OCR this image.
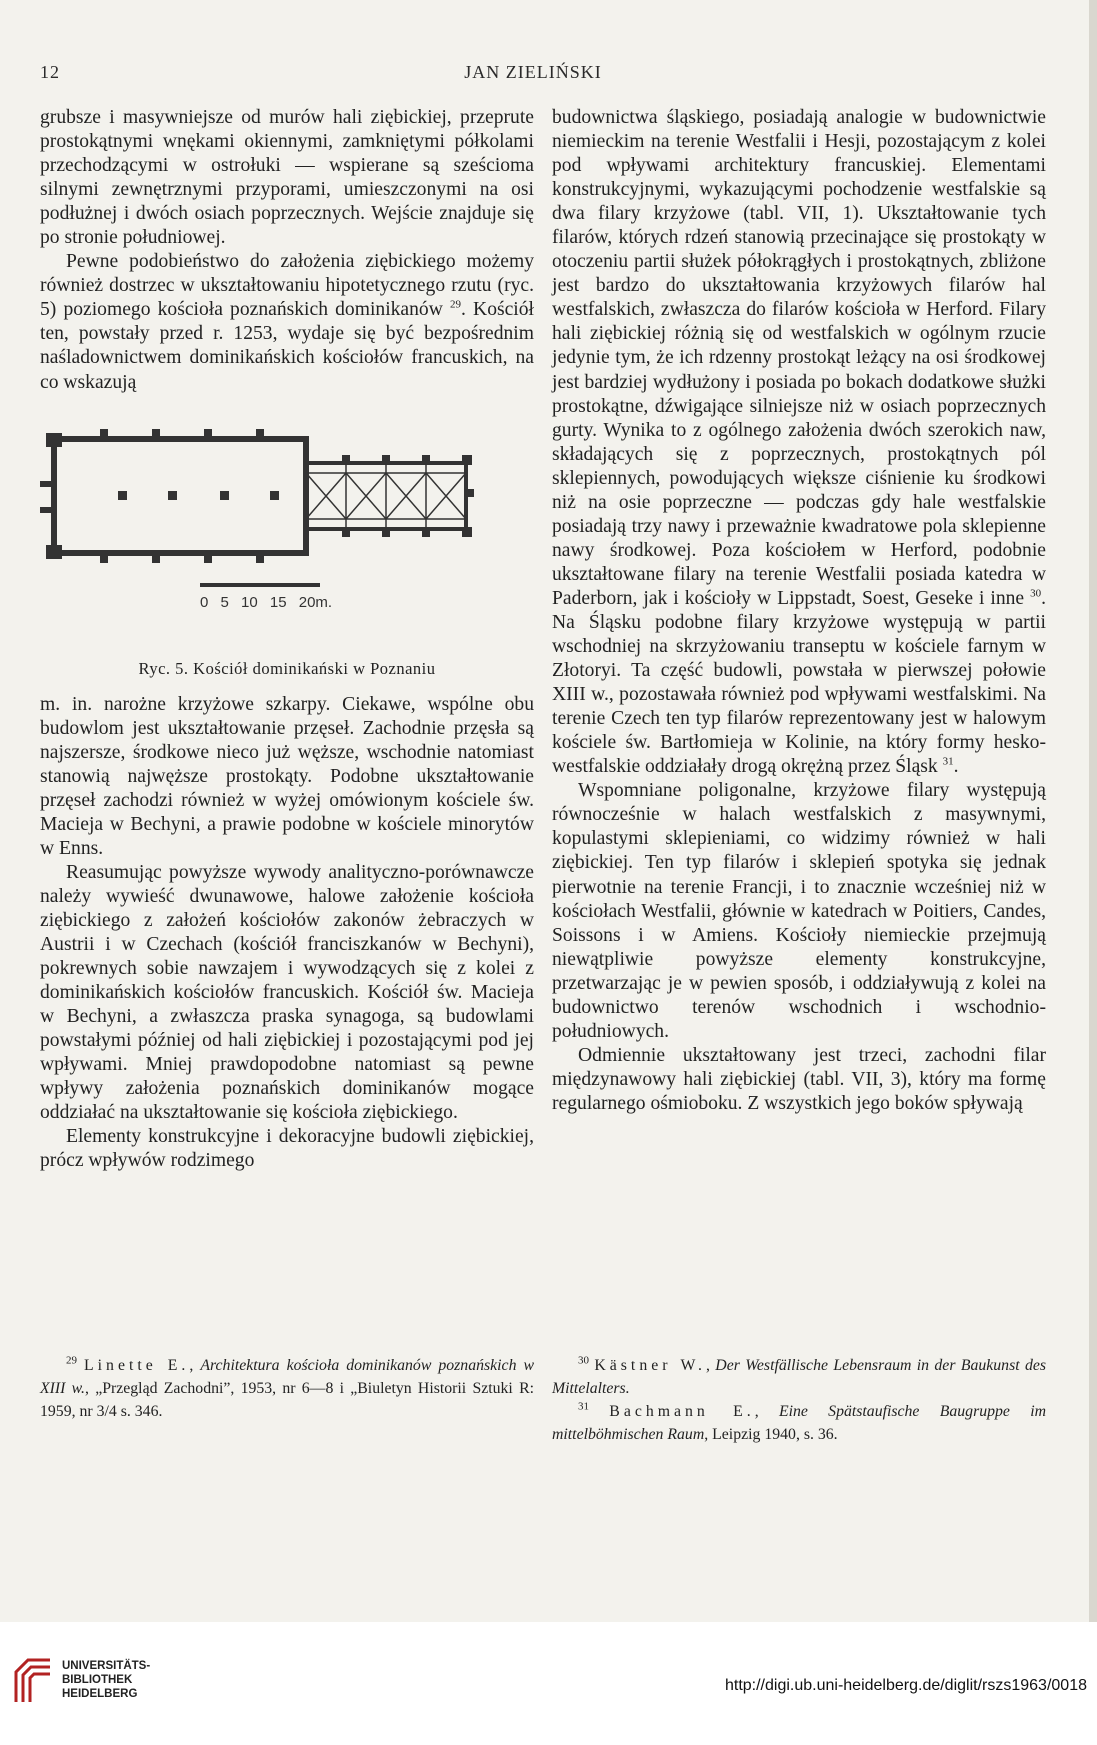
12	JAN ZIELIŃSKI

grubsze i masywniejsze od murów hali ziębickiej, przeprute prostokątnymi wnękami okiennymi, zamkniętymi półkolami przechodzącymi w ostrołuki — wspierane są sześcioma silnymi zewnętrznymi przyporami, umieszczonymi na osi podłużnej i dwóch osiach poprzecznych. Wejście znajduje się po stronie południowej.

Pewne podobieństwo do założenia ziębickiego możemy również dostrzec w ukształtowaniu hipotetycznego rzutu (ryc. 5) poziomego kościoła poznańskich dominikanów $^{29}$. Kościół ten, powstały przed r. 1253, wydaje się być bezpośrednim naśladownictwem dominikańskich kościołów francuskich, na co wskazują

0 5 10 15 20m.
Ryc. 5. Kościół dominikański w Poznaniu

m. in. narożne krzyżowe szkarpy. Ciekawe, wspólne obu budowlom jest ukształtowanie przęseł. Zachodnie przęsła są najszersze, środkowe nieco już węższe, wschodnie natomiast stanowią najwęższe prostokąty. Podobne ukształtowanie przęseł zachodzi również w wyżej omówionym kościele św. Macieja w Bechyni, a prawie podobne w kościele minorytów w Enns.

Reasumując powyższe wywody analityczno-porównawcze należy wywieść dwunawowe, halowe założenie kościoła ziębickiego z założeń kościołów zakonów żebraczych w Austrii i w Czechach (kościół franciszkanów w Bechyni), pokrewnych sobie nawzajem i wywodzących się z kolei z dominikańskich kościołów francuskich. Kościół św. Macieja w Bechyni, a zwłaszcza praska synagoga, są budowlami powstałymi później od hali ziębickiej i pozostającymi pod jej wpływami. Mniej prawdopodobne natomiast są pewne wpływy założenia poznańskich dominikanów mogące oddziałać na ukształtowanie się kościoła ziębickiego.

Elementy konstrukcyjne i dekoracyjne budowli ziębickiej, prócz wpływów rodzimego

budownictwa śląskiego, posiadają analogie w budownictwie niemieckim na terenie Westfalii i Hesji, pozostającym z kolei pod wpływami architektury francuskiej. Elementami konstrukcyjnymi, wykazującymi pochodzenie westfalskie są dwa filary krzyżowe (tabl. VII, 1). Ukształtowanie tych filarów, których rdzeń stanowią przecinające się prostokąty w otoczeniu partii służek półokrągłych i prostokątnych, zbliżone jest bardzo do ukształtowania krzyżowych filarów hal westfalskich, zwłaszcza do filarów kościoła w Herford. Filary hali ziębickiej różnią się od westfalskich w ogólnym rzucie jedynie tym, że ich rdzenny prostokąt leżący na osi środkowej jest bardziej wydłużony i posiada po bokach dodatkowe służki prostokątne, dźwigające silniejsze niż w osiach poprzecznych gurty. Wynika to z ogólnego założenia dwóch szerokich naw, składających się z poprzecznych, prostokątnych pól sklepiennych, powodujących większe ciśnienie ku środkowi niż na osie poprzeczne — podczas gdy hale westfalskie posiadają trzy nawy i przeważnie kwadratowe pola sklepienne nawy środkowej. Poza kościołem w Herford, podobnie ukształtowane filary na terenie Westfalii posiada katedra w Paderborn, jak i kościoły w Lippstadt, Soest, Geseke i inne $^{30}$. Na Śląsku podobne filary krzyżowe występują w partii wschodniej na skrzyżowaniu transeptu w kościele farnym w Złotoryi. Ta część budowli, powstała w pierwszej połowie XIII w., pozostawała również pod wpływami westfalskimi. Na terenie Czech ten typ filarów reprezentowany jest w halowym kościele św. Bartłomieja w Kolinie, na który formy hesko-westfalskie oddziałały drogą okrężną przez Śląsk $^{31}$.

Wspomniane poligonalne, krzyżowe filary występują równocześnie w halach westfalskich z masywnymi, kopulastymi sklepieniami, co widzimy również w hali ziębickiej. Ten typ filarów i sklepień spotyka się jednak pierwotnie na terenie Francji, i to znacznie wcześniej niż w kościołach Westfalii, głównie w katedrach w Poitiers, Candes, Soissons i w Amiens. Kościoły niemieckie przejmują niewątpliwie powyższe elementy konstrukcyjne, przetwarzając je w pewien sposób, i oddziaływują z kolei na budownictwo terenów wschodnich i wschodnio-południowych.

Odmiennie ukształtowany jest trzeci, zachodni filar międzynawowy hali ziębickiej (tabl. VII, 3), który ma formę regularnego ośmioboku. Z wszystkich jego boków spływają

$^{29}$ Linette E., Architektura kościoła dominikanów poznańskich w XIII w., „Przegląd Zachodni”, 1953, nr 6—8 i „Biuletyn Historii Sztuki R: 1959, nr 3/4 s. 346.

$^{30}$ Kästner W., Der Westfällische Lebensraum in der Baukunst des Mittelalters.

$^{31}$ Bachmann E., Eine Spätstaufische Baugruppe im mittelböhmischen Raum, Leipzig 1940, s. 36.

UNIVERSITÄTS-
BIBLIOTHEK
HEIDELBERG	http://digi.ub.uni-heidelberg.de/diglit/rszs1963/0018
